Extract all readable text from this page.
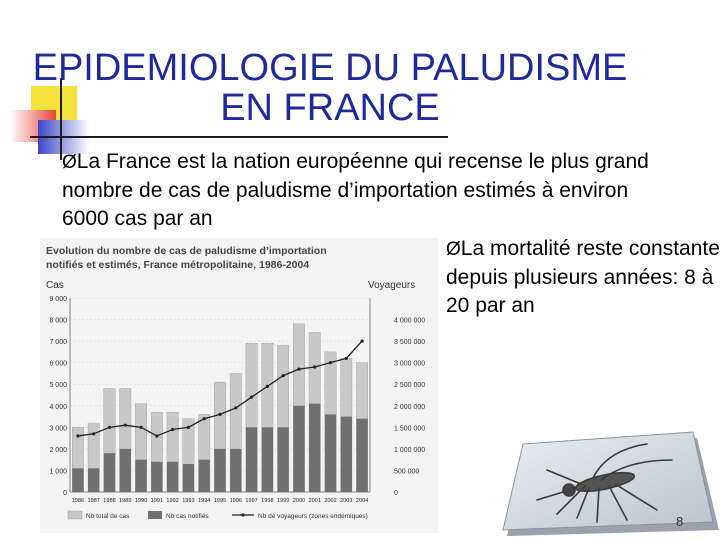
EPIDEMIOLOGIE DU PALUDISME
EN FRANCE
ØLa France est la nation européenne qui recense le plus grand nombre de cas de paludisme d’importation estimés à environ 6000 cas par an
ØLa mortalité reste constante depuis plusieurs années: 8 à 20 par an
Evolution du nombre de cas de paludisme d’importation
notifiés et estimés, France métropolitaine, 1986-2004
Cas	Voyageurs
0
1 000
2 000
3 000
4 000
5 000
6 000
7 000
8 000
9 000
0
500 000
1 000 000
1 500 000
2 000 000
2 500 000
3 000 000
3 500 000
4 000 000
1986 1987 1988 1989 1990 1991 1992 1993 1994 1995 1996 1997 1998 1999 2000 2001 2002 2003 2004
Nb total de cas	Nb cas notifiés	Nb de voyageurs (zones endémiques)	8
